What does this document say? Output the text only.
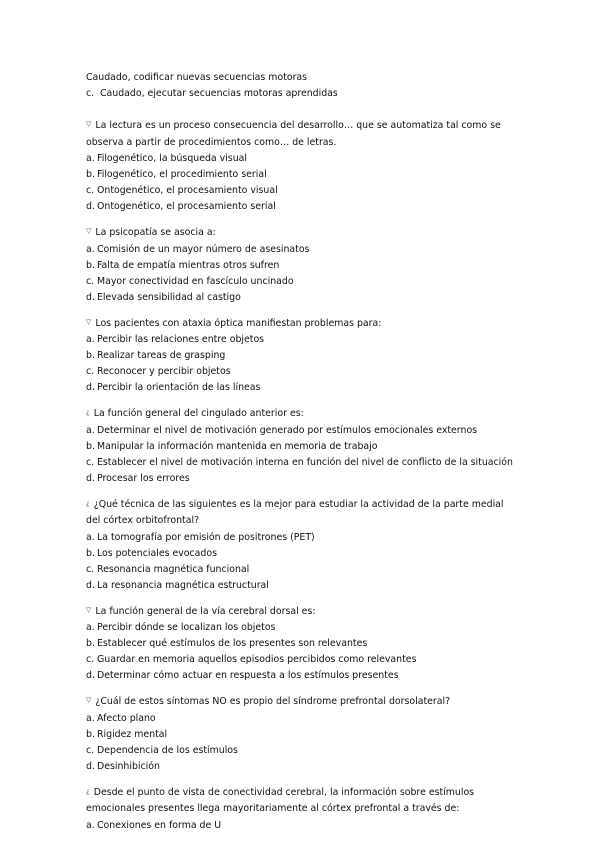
Caudado, codificar nuevas secuencias motoras
c. Caudado, ejecutar secuencias motoras aprendidas
▽ La lectura es un proceso consecuencia del desarrollo… que se automatiza tal como se observa a partir de procedimientos como… de letras.
a. Filogenético, la búsqueda visual
b. Filogenético, el procedimiento serial
c. Ontogenético, el procesamiento visual
d. Ontogenético, el procesamiento serial
▽ La psicopatía se asocia a:
a. Comisión de un mayor número de asesinatos
b. Falta de empatía mientras otros sufren
c. Mayor conectividad en fascículo uncinado
d. Elevada sensibilidad al castigo
▽ Los pacientes con ataxia óptica manifiestan problemas para:
a. Percibir las relaciones entre objetos
b. Realizar tareas de grasping
c. Reconocer y percibir objetos
d. Percibir la orientación de las líneas
¿ La función general del cingulado anterior es:
a. Determinar el nivel de motivación generado por estímulos emocionales externos
b. Manipular la información mantenida en memoria de trabajo
c. Establecer el nivel de motivación interna en función del nivel de conflicto de la situación
d. Procesar los errores
¿ ¿Qué técnica de las siguientes es la mejor para estudiar la actividad de la parte medial del córtex orbitofrontal?
a. La tomografía por emisión de positrones (PET)
b. Los potenciales evocados
c. Resonancia magnética funcional
d. La resonancia magnética estructural
▽ La función general de la vía cerebral dorsal es:
a. Percibir dónde se localizan los objetos
b. Establecer qué estímulos de los presentes son relevantes
c. Guardar en memoria aquellos episodios percibidos como relevantes
d. Determinar cómo actuar en respuesta a los estímulos presentes
▽ ¿Cuál de estos síntomas NO es propio del síndrome prefrontal dorsolateral?
a. Afecto plano
b. Rigidez mental
c. Dependencia de los estímulos
d. Desinhibición
¿ Desde el punto de vista de conectividad cerebral, la información sobre estímulos emocionales presentes llega mayoritariamente al córtex prefrontal a través de:
a. Conexiones en forma de U
